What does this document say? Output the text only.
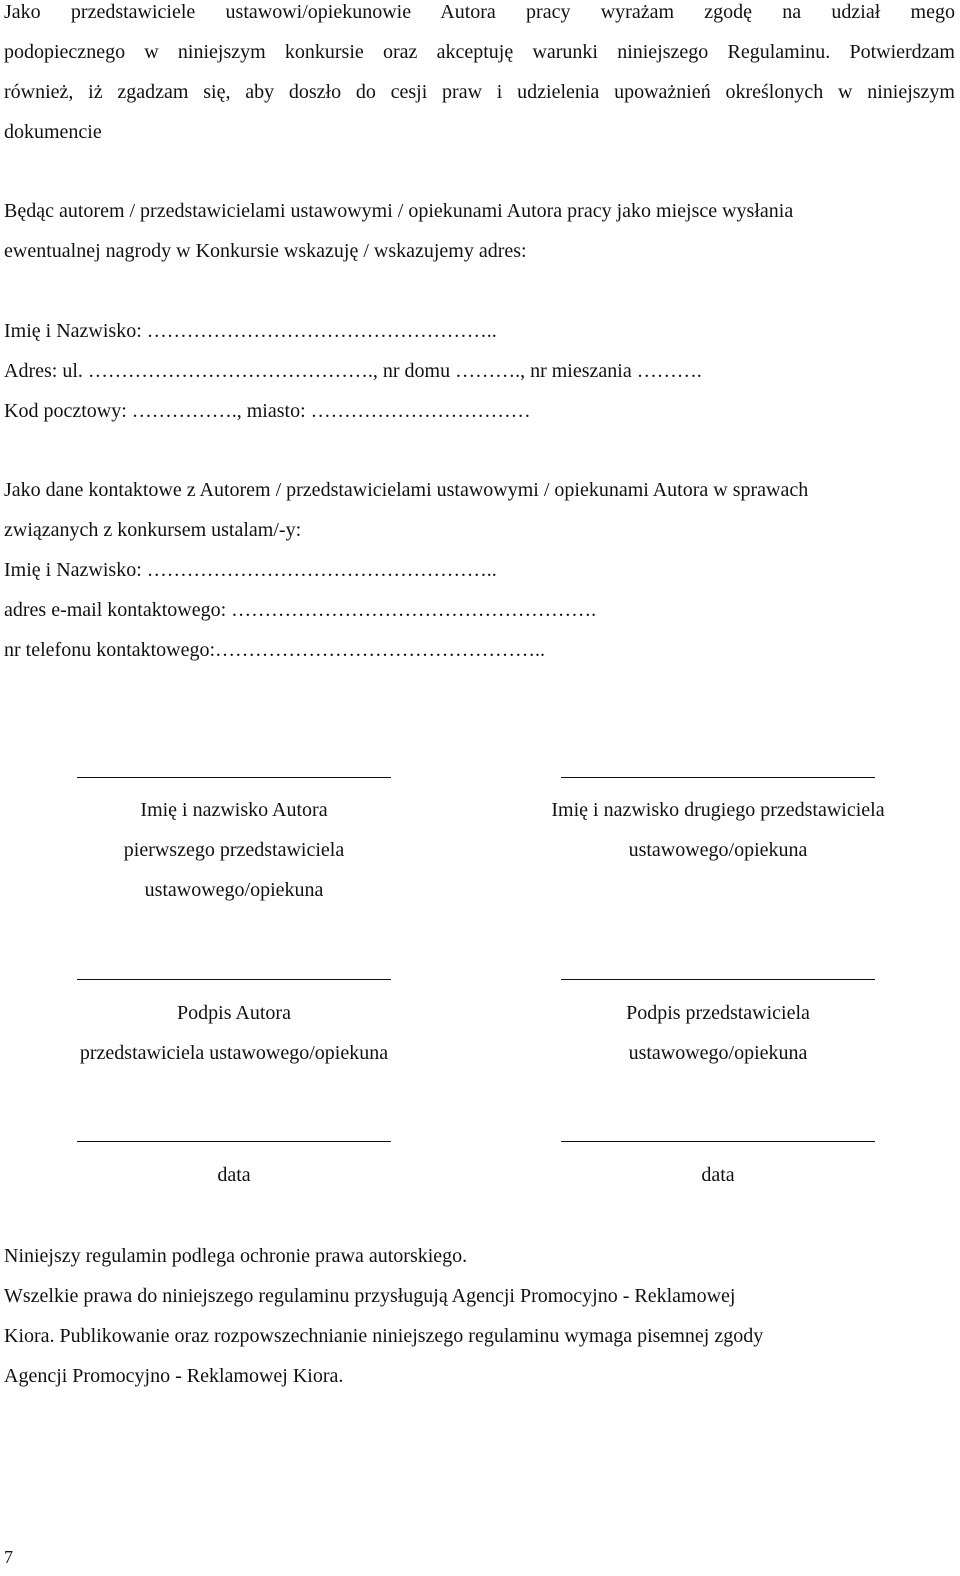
Jako przedstawiciele ustawowi/opiekunowie Autora pracy wyrażam zgodę na udział mego
podopiecznego w niniejszym konkursie oraz akceptuję warunki niniejszego Regulaminu. Potwierdzam
również, iż zgadzam się, aby doszło do cesji praw i udzielenia upoważnień określonych w niniejszym
dokumencie
Będąc autorem / przedstawicielami ustawowymi / opiekunami Autora pracy jako miejsce wysłania
ewentualnej nagrody w Konkursie wskazuję / wskazujemy adres:
Imię i Nazwisko: ……………………………………………..
Adres: ul. ……………………………………., nr domu ………., nr mieszania ……….
Kod pocztowy: ……………., miasto: ……………………………
Jako dane kontaktowe z Autorem / przedstawicielami ustawowymi / opiekunami Autora w sprawach
związanych z konkursem ustalam/-y:
Imię i Nazwisko: ……………………………………………..
adres e-mail kontaktowego: ……………………………………………….
nr telefonu kontaktowego:…………………………………………..
Imię i nazwisko Autora
pierwszego przedstawiciela
ustawowego/opiekuna
Imię i nazwisko drugiego przedstawiciela
ustawowego/opiekuna
Podpis Autora
przedstawiciela ustawowego/opiekuna
Podpis przedstawiciela
ustawowego/opiekuna
data	data
Niniejszy regulamin podlega ochronie prawa autorskiego.
Wszelkie prawa do niniejszego regulaminu przysługują Agencji Promocyjno - Reklamowej
Kiora. Publikowanie oraz rozpowszechnianie niniejszego regulaminu wymaga pisemnej zgody
Agencji Promocyjno - Reklamowej Kiora.
7
